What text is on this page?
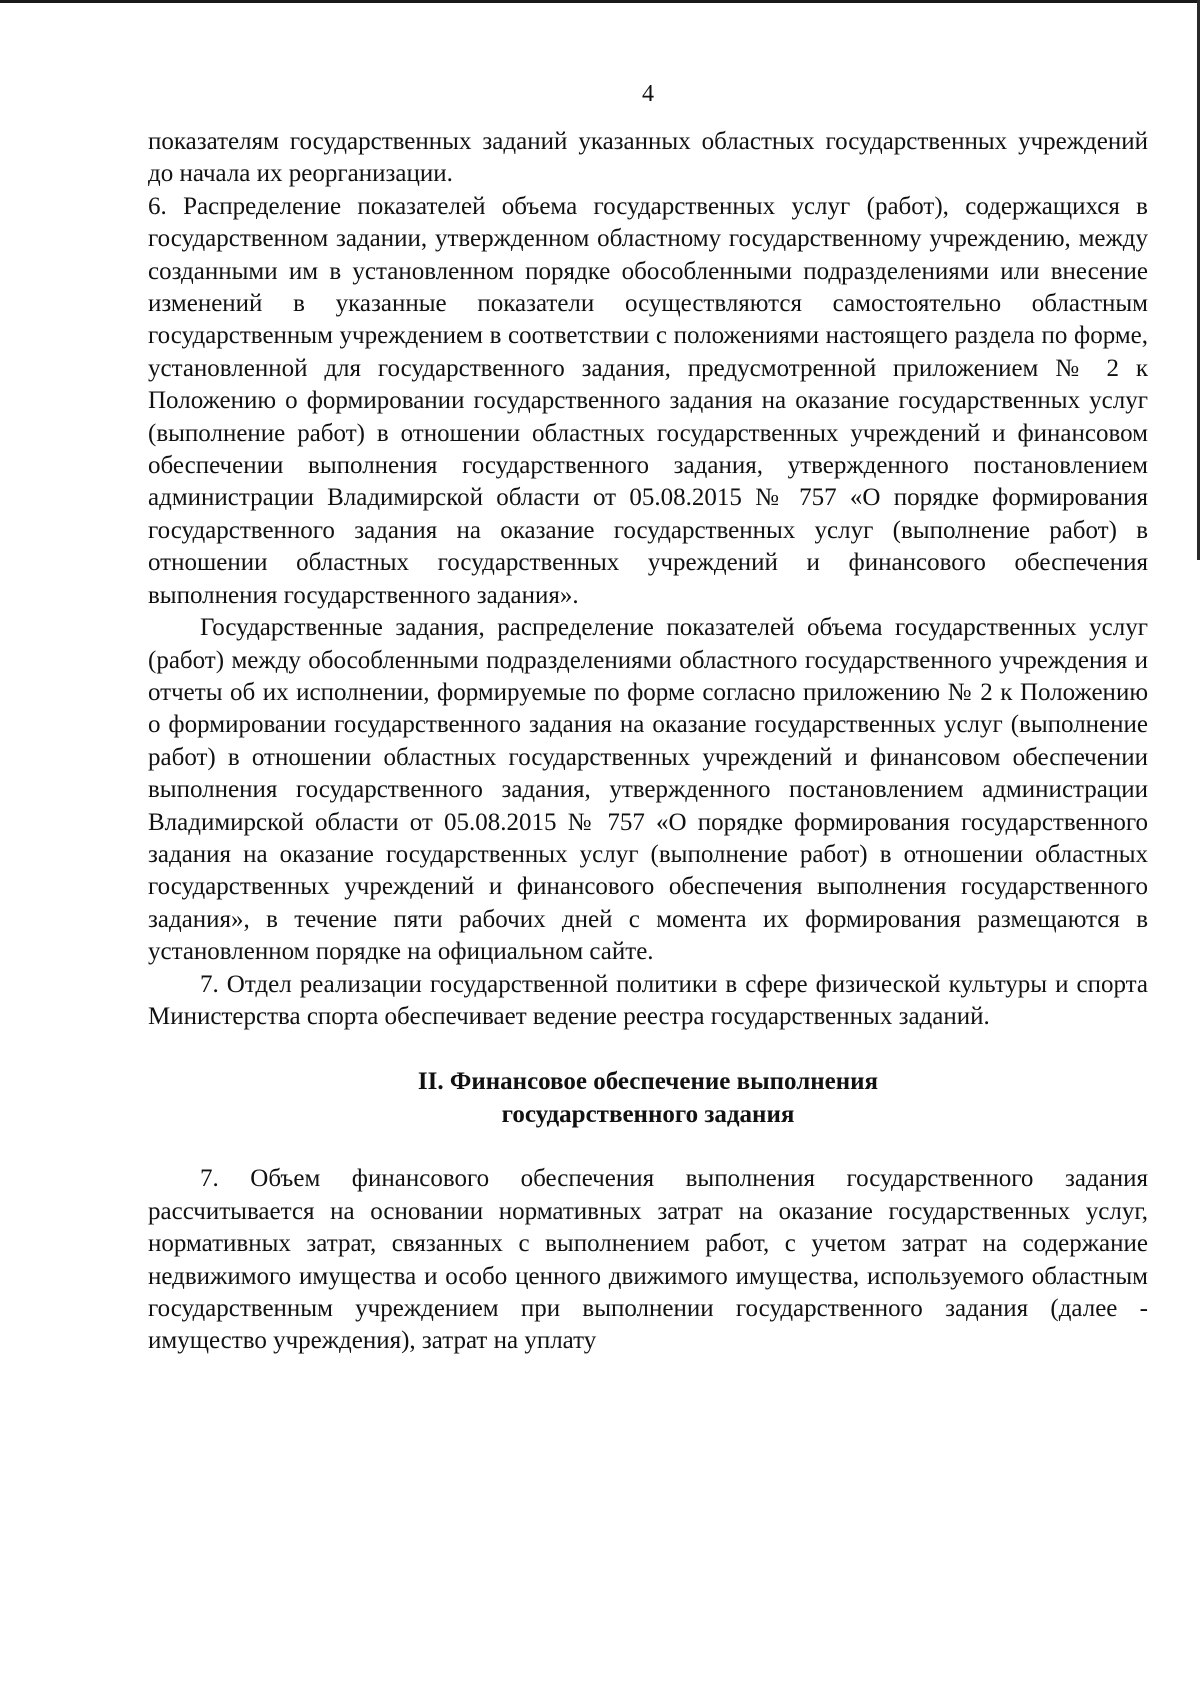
4

показателям государственных заданий указанных областных государственных учреждений до начала их реорганизации.

6. Распределение показателей объема государственных услуг (работ), содержащихся в государственном задании, утвержденном областному государственному учреждению, между созданными им в установленном порядке обособленными подразделениями или внесение изменений в указанные показатели осуществляются самостоятельно областным государственным учреждением в соответствии с положениями настоящего раздела по форме, установленной для государственного задания, предусмотренной приложением № 2 к Положению о формировании государственного задания на оказание государственных услуг (выполнение работ) в отношении областных государственных учреждений и финансовом обеспечении выполнения государственного задания, утвержденного постановлением администрации Владимирской области от 05.08.2015 № 757 «О порядке формирования государственного задания на оказание государственных услуг (выполнение работ) в отношении областных государственных учреждений и финансового обеспечения выполнения государственного задания».

Государственные задания, распределение показателей объема государственных услуг (работ) между обособленными подразделениями областного государственного учреждения и отчеты об их исполнении, формируемые по форме согласно приложению № 2 к Положению о формировании государственного задания на оказание государственных услуг (выполнение работ) в отношении областных государственных учреждений и финансовом обеспечении выполнения государственного задания, утвержденного постановлением администрации Владимирской области от 05.08.2015 № 757 «О порядке формирования государственного задания на оказание государственных услуг (выполнение работ) в отношении областных государственных учреждений и финансового обеспечения выполнения государственного задания», в течение пяти рабочих дней с момента их формирования размещаются в установленном порядке на официальном сайте.

7. Отдел реализации государственной политики в сфере физической культуры и спорта Министерства спорта обеспечивает ведение реестра государственных заданий.

II. Финансовое обеспечение выполнения
государственного задания

7. Объем финансового обеспечения выполнения государственного задания рассчитывается на основании нормативных затрат на оказание государственных услуг, нормативных затрат, связанных с выполнением работ, с учетом затрат на содержание недвижимого имущества и особо ценного движимого имущества, используемого областным государственным учреждением при выполнении государственного задания (далее - имущество учреждения), затрат на уплату
